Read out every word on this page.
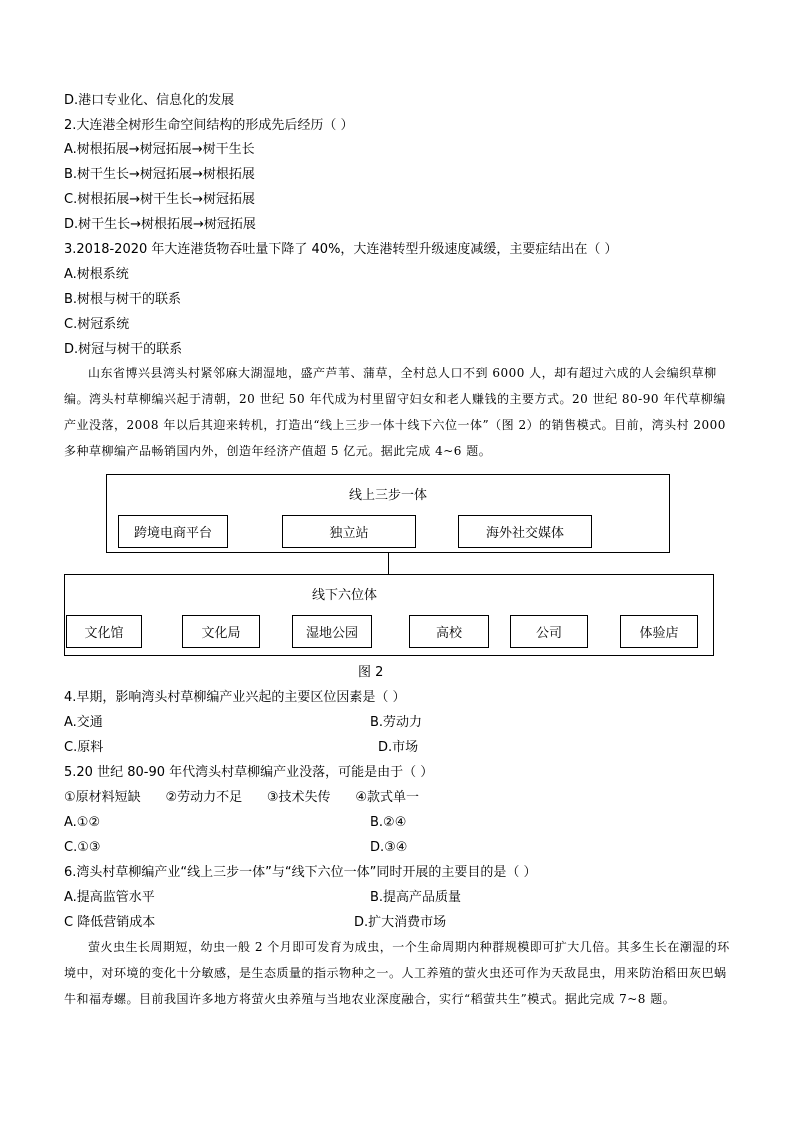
D.港口专业化、信息化的发展
2.大连港全树形生命空间结构的形成先后经历（ ）
A.树根拓展→树冠拓展→树干生长
B.树干生长→树冠拓展→树根拓展
C.树根拓展→树干生长→树冠拓展
D.树干生长→树根拓展→树冠拓展
3.2018-2020 年大连港货物吞吐量下降了 40%，大连港转型升级速度减缓，主要症结出在（ ）
A.树根系统
B.树根与树干的联系
C.树冠系统
D.树冠与树干的联系
山东省博兴县湾头村紧邻麻大湖湿地，盛产芦苇、蒲草，全村总人口不到 6000 人，却有超过六成的人会编织草柳编。湾头村草柳编兴起于清朝，20 世纪 50 年代成为村里留守妇女和老人赚钱的主要方式。20 世纪 80-90 年代草柳编产业没落，2008 年以后其迎来转机，打造出“线上三步一体十线下六位一体”（图 2）的销售模式。目前，湾头村 2000 多种草柳编产品畅销国内外，创造年经济产值超 5 亿元。据此完成 4~6 题。
线上三步一体
跨境电商平台	独立站	海外社交媒体
线下六位体
文化馆	文化局	湿地公园	高校	公司	体验店
图 2
4.早期，影响湾头村草柳编产业兴起的主要区位因素是（ ）
A.交通	B.劳动力
C.原料	D.市场
5.20 世纪 80-90 年代湾头村草柳编产业没落，可能是由于（ ）
①原材料短缺      ②劳动力不足      ③技术失传      ④款式单一
A.①②	B.②④
C.①③	D.③④
6.湾头村草柳编产业“线上三步一体”与“线下六位一体”同时开展的主要目的是（ ）
A.提高监管水平	B.提高产品质量
C 降低营销成本	D.扩大消费市场
萤火虫生长周期短，幼虫一般 2 个月即可发育为成虫，一个生命周期内种群规模即可扩大几倍。其多生长在潮湿的环境中，对环境的变化十分敏感，是生态质量的指示物种之一。人工养殖的萤火虫还可作为天敌昆虫，用来防治稻田灰巴蜗牛和福寿螺。目前我国许多地方将萤火虫养殖与当地农业深度融合，实行“稻萤共生”模式。据此完成 7~8 题。
